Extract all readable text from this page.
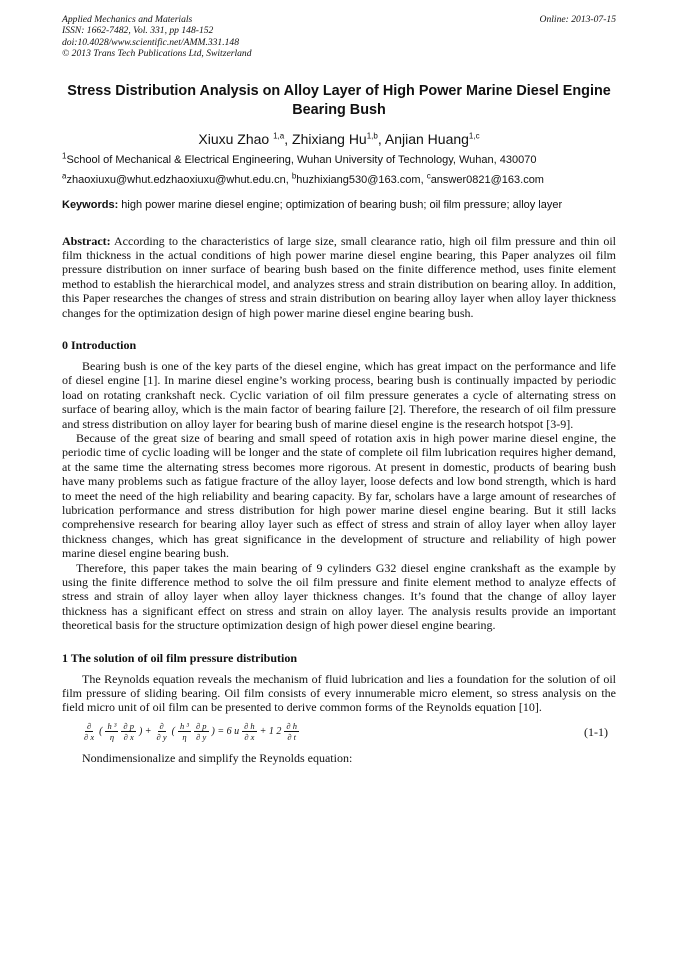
Applied Mechanics and Materials
ISSN: 1662-7482, Vol. 331, pp 148-152
doi:10.4028/www.scientific.net/AMM.331.148
© 2013 Trans Tech Publications Ltd, Switzerland
Online: 2013-07-15
Stress Distribution Analysis on Alloy Layer of High Power Marine Diesel Engine Bearing Bush
Xiuxu Zhao $^{1,a}$, Zhixiang Hu$^{1,b}$, Anjian Huang$^{1,c}$
$^1$School of Mechanical & Electrical Engineering, Wuhan University of Technology, Wuhan, 430070
$^a$zhaoxiuxu@whut.edzhaoxiuxu@whut.edu.cn, $^b$huzhixiang530@163.com, $^c$answer0821@163.com
Keywords: high power marine diesel engine; optimization of bearing bush; oil film pressure; alloy layer
Abstract: According to the characteristics of large size, small clearance ratio, high oil film pressure and thin oil film thickness in the actual conditions of high power marine diesel engine bearing, this Paper analyzes oil film pressure distribution on inner surface of bearing bush based on the finite difference method, uses finite element method to establish the hierarchical model, and analyzes stress and strain distribution on bearing alloy. In addition, this Paper researches the changes of stress and strain distribution on bearing alloy layer when alloy layer thickness changes for the optimization design of high power marine diesel engine bearing bush.
0 Introduction
Bearing bush is one of the key parts of the diesel engine, which has great impact on the performance and life of diesel engine [1]. In marine diesel engine’s working process, bearing bush is continually impacted by periodic load on rotating crankshaft neck. Cyclic variation of oil film pressure generates a cycle of alternating stress on surface of bearing alloy, which is the main factor of bearing failure [2]. Therefore, the research of oil film pressure and stress distribution on alloy layer for bearing bush of marine diesel engine is the research hotspot [3-9].
Because of the great size of bearing and small speed of rotation axis in high power marine diesel engine, the periodic time of cyclic loading will be longer and the state of complete oil film lubrication requires higher demand, at the same time the alternating stress becomes more rigorous. At present in domestic, products of bearing bush have many problems such as fatigue fracture of the alloy layer, loose defects and low bond strength, which is hard to meet the need of the high reliability and bearing capacity. By far, scholars have a large amount of researches of lubrication performance and stress distribution for high power marine diesel engine bearing. But it still lacks comprehensive research for bearing alloy layer such as effect of stress and strain of alloy layer when alloy layer thickness changes, which has great significance in the development of structure and reliability of high power marine diesel engine bearing bush.
Therefore, this paper takes the main bearing of 9 cylinders G32 diesel engine crankshaft as the example by using the finite difference method to solve the oil film pressure and finite element method to analyze effects of stress and strain of alloy layer when alloy layer thickness changes. It’s found that the change of alloy layer thickness has a significant effect on stress and strain on alloy layer. The analysis results provide an important theoretical basis for the structure optimization design of high power diesel engine bearing.
1 The solution of oil film pressure distribution
The Reynolds equation reveals the mechanism of fluid lubrication and lies a foundation for the solution of oil film pressure of sliding bearing. Oil film consists of every innumerable micro element, so stress analysis on the field micro unit of oil film can be presented to derive common forms of the Reynolds equation [10].
$\frac{\partial}{\partial x}$ ( $\frac{\text{h ³}}{\eta} \frac{\partial p}{\partial x}$ ) + $\frac{\partial}{\partial y}$ ( $\frac{\text{h ³}}{\eta} \frac{\partial p}{\partial y}$ ) = 6 u $\frac{\partial h}{\partial x} + 1$ $2 \frac{\partial h}{\partial t}$	(1-1)
Nondimensionalize and simplify the Reynolds equation:
